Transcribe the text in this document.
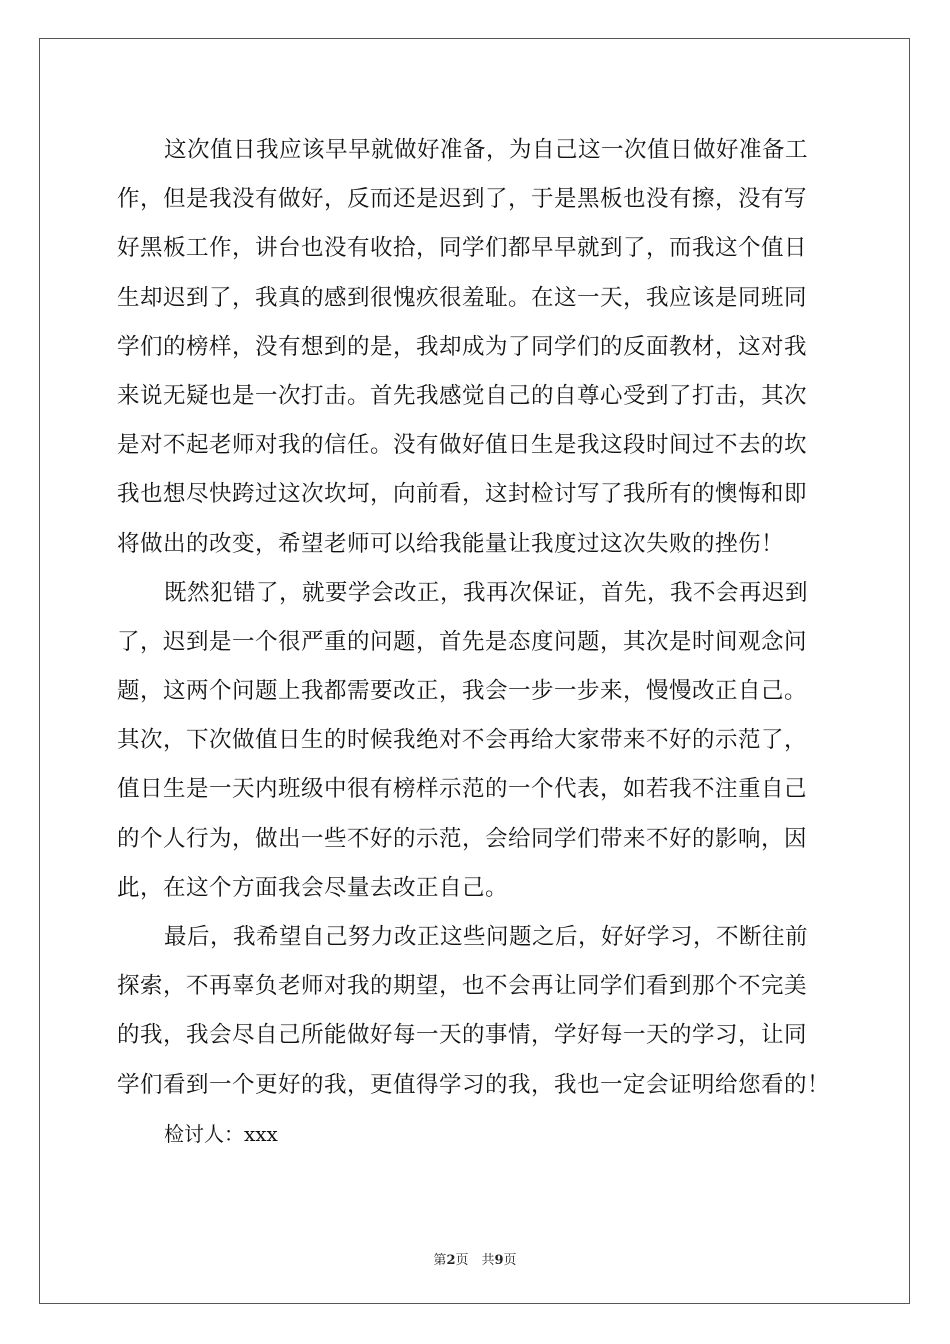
这次值日我应该早早就做好准备，为自己这一次值日做好准备工
作，但是我没有做好，反而还是迟到了，于是黑板也没有擦，没有写
好黑板工作，讲台也没有收拾，同学们都早早就到了，而我这个值日
生却迟到了，我真的感到很愧疚很羞耻。在这一天，我应该是同班同
学们的榜样，没有想到的是，我却成为了同学们的反面教材，这对我
来说无疑也是一次打击。首先我感觉自己的自尊心受到了打击，其次
是对不起老师对我的信任。没有做好值日生是我这段时间过不去的坎
我也想尽快跨过这次坎坷，向前看，这封检讨写了我所有的懊悔和即
将做出的改变，希望老师可以给我能量让我度过这次失败的挫伤！
既然犯错了，就要学会改正，我再次保证，首先，我不会再迟到
了，迟到是一个很严重的问题，首先是态度问题，其次是时间观念问
题，这两个问题上我都需要改正，我会一步一步来，慢慢改正自己。
其次，下次做值日生的时候我绝对不会再给大家带来不好的示范了，
值日生是一天内班级中很有榜样示范的一个代表，如若我不注重自己
的个人行为，做出一些不好的示范，会给同学们带来不好的影响，因
此，在这个方面我会尽量去改正自己。
最后，我希望自己努力改正这些问题之后，好好学习，不断往前
探索，不再辜负老师对我的期望，也不会再让同学们看到那个不完美
的我，我会尽自己所能做好每一天的事情，学好每一天的学习，让同
学们看到一个更好的我，更值得学习的我，我也一定会证明给您看的！
检讨人：xxx
第2页　共9页
